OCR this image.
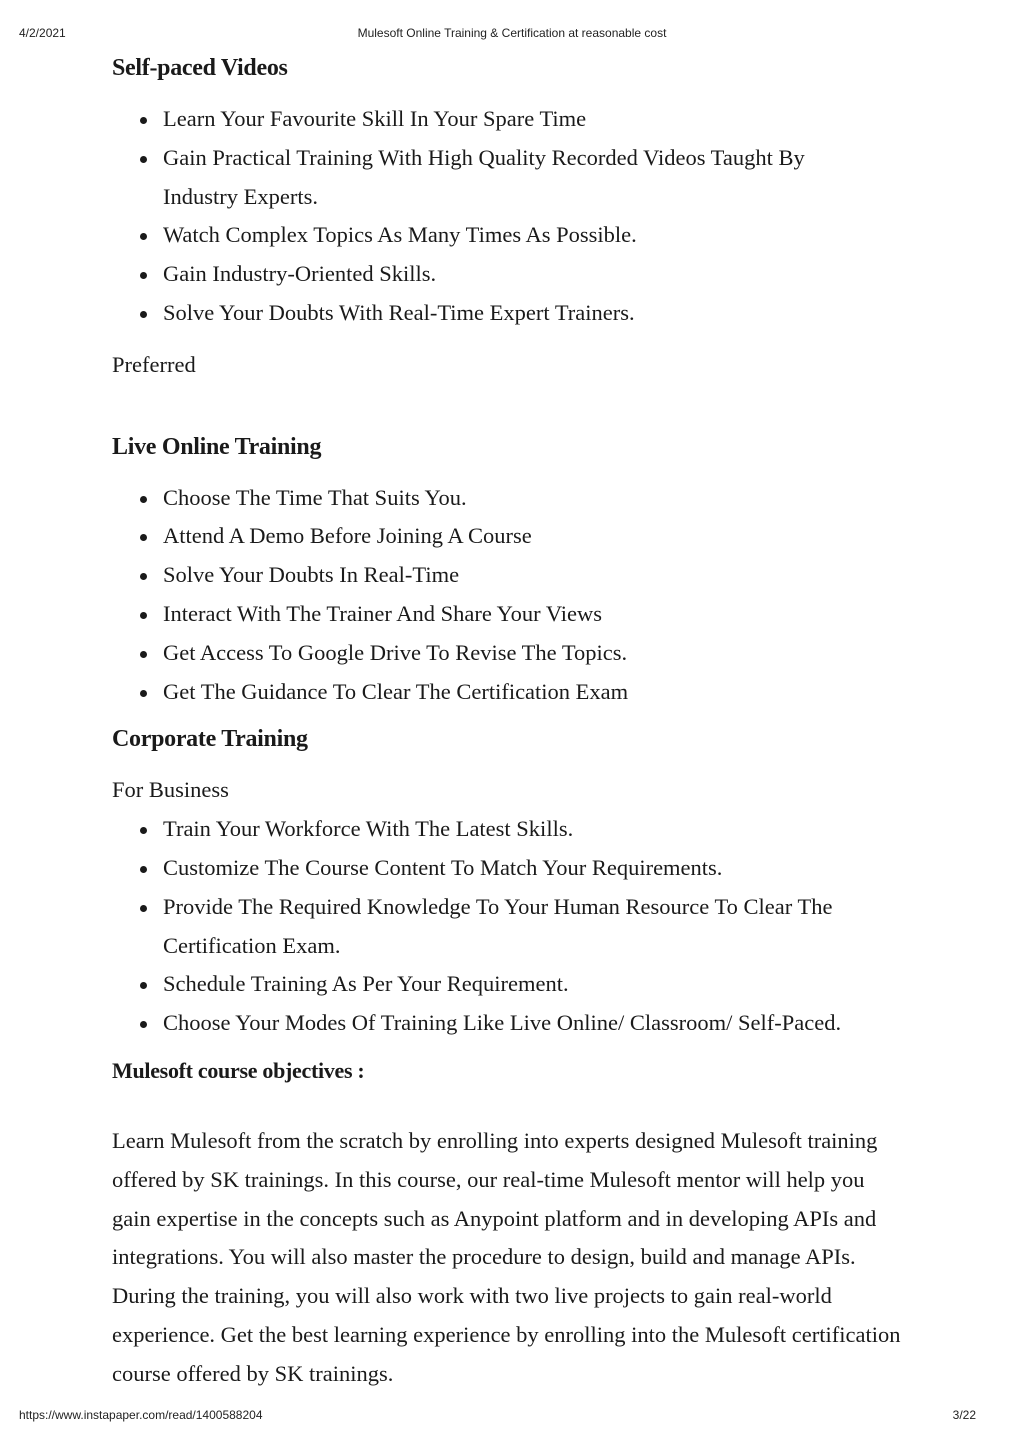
4/2/2021	Mulesoft Online Training & Certification at reasonable cost
Self-paced Videos
Learn Your Favourite Skill In Your Spare Time
Gain Practical Training With High Quality Recorded Videos Taught By Industry Experts.
Watch Complex Topics As Many Times As Possible.
Gain Industry-Oriented Skills.
Solve Your Doubts With Real-Time Expert Trainers.

Preferred

Live Online Training
Choose The Time That Suits You.
Attend A Demo Before Joining A Course
Solve Your Doubts In Real-Time
Interact With The Trainer And Share Your Views
Get Access To Google Drive To Revise The Topics.
Get The Guidance To Clear The Certification Exam
Corporate Training

For Business

Train Your Workforce With The Latest Skills.
Customize The Course Content To Match Your Requirements.
Provide The Required Knowledge To Your Human Resource To Clear The Certification Exam.
Schedule Training As Per Your Requirement.
Choose Your Modes Of Training Like Live Online/ Classroom/ Self-Paced.
Mulesoft course objectives :

Learn Mulesoft from the scratch by enrolling into experts designed Mulesoft training offered by SK trainings. In this course, our real-time Mulesoft mentor will help you gain expertise in the concepts such as Anypoint platform and in developing APIs and integrations. You will also master the procedure to design, build and manage APIs. During the training, you will also work with two live projects to gain real-world experience. Get the best learning experience by enrolling into the Mulesoft certification course offered by SK trainings.

https://www.instapaper.com/read/1400588204	3/22
